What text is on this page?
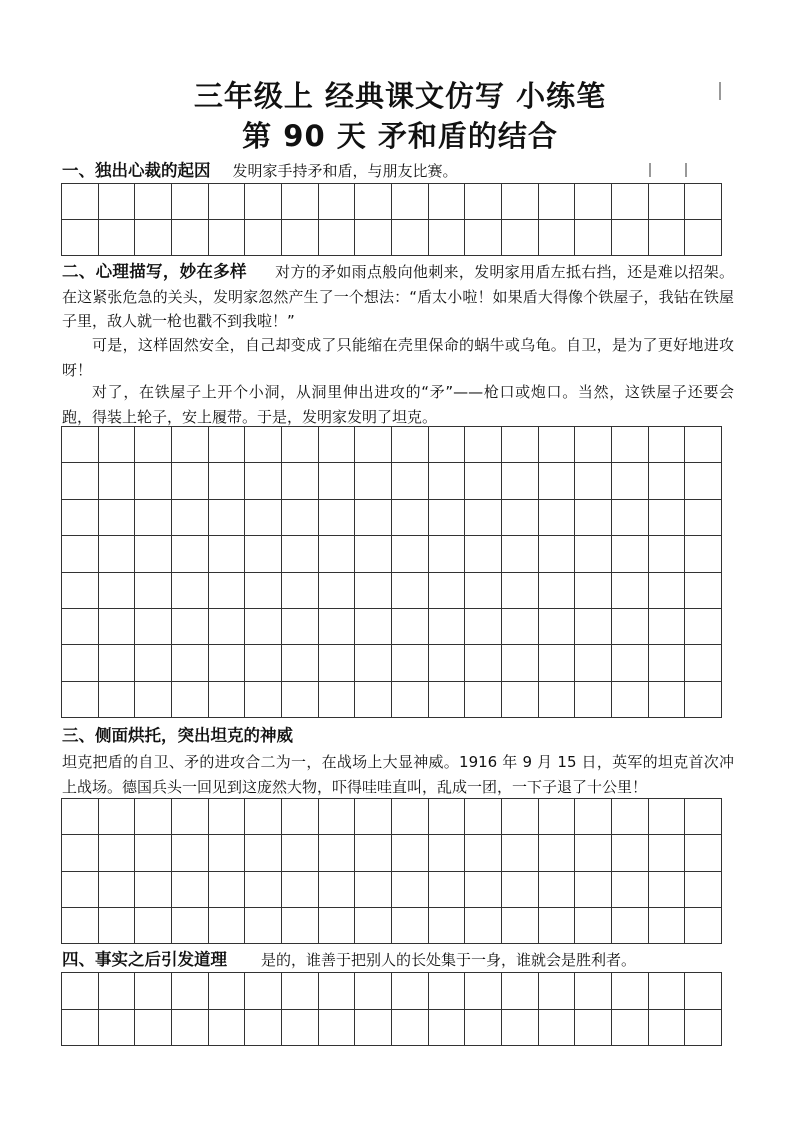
三年级上 经典课文仿写 小练笔
第 90 天 矛和盾的结合
一、独出心裁的起因 发明家手持矛和盾，与朋友比赛。

二、心理描写，妙在多样 对方的矛如雨点般向他刺来，发明家用盾左抵右挡，还是难以招架。在这紧张危急的关头，发明家忽然产生了一个想法：“盾太小啦！如果盾大得像个铁屋子，我钻在铁屋子里，敌人就一枪也戳不到我啦！”

可是，这样固然安全，自己却变成了只能缩在壳里保命的蜗牛或乌龟。自卫，是为了更好地进攻呀！

对了，在铁屋子上开个小洞，从洞里伸出进攻的“矛”——枪口或炮口。当然，这铁屋子还要会跑，得装上轮子，安上履带。于是，发明家发明了坦克。

三、侧面烘托，突出坦克的神威

坦克把盾的自卫、矛的进攻合二为一，在战场上大显神威。1916 年 9 月 15 日，英军的坦克首次冲上战场。德国兵头一回见到这庞然大物，吓得哇哇直叫，乱成一团，一下子退了十公里！

四、事实之后引发道理 是的，谁善于把别人的长处集于一身，谁就会是胜利者。
